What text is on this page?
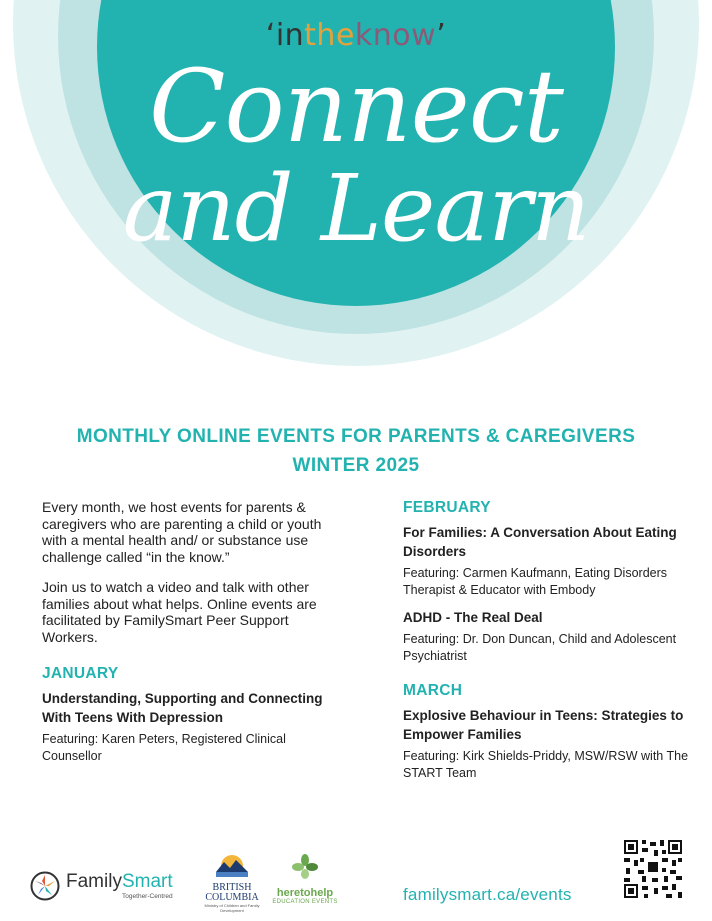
‘intheknow’
Connect
and Learn
MONTHLY ONLINE EVENTS FOR PARENTS & CAREGIVERS
WINTER 2025

Every month, we host events for parents & caregivers who are parenting a child or youth with a mental health and/ or substance use challenge called “in the know.”

Join us to watch a video and talk with other families about what helps. Online events are facilitated by FamilySmart Peer Support Workers.

JANUARY
Understanding, Supporting and Connecting With Teens With Depression
Featuring: Karen Peters, Registered Clinical Counsellor
FEBRUARY
For Families: A Conversation About Eating Disorders
Featuring: Carmen Kaufmann, Eating Disorders Therapist & Educator with Embody
ADHD - The Real Deal
Featuring: Dr. Don Duncan, Child and Adolescent Psychiatrist
MARCH
Explosive Behaviour in Teens: Strategies to Empower Families
Featuring: Kirk Shields-Priddy, MSW/RSW with The START Team
FamilySmart
Together-Centred
BRITISH
COLUMBIA
Ministry of Children and Family Development
heretohelp
EDUCATION EVENTS	familysmart.ca/events
